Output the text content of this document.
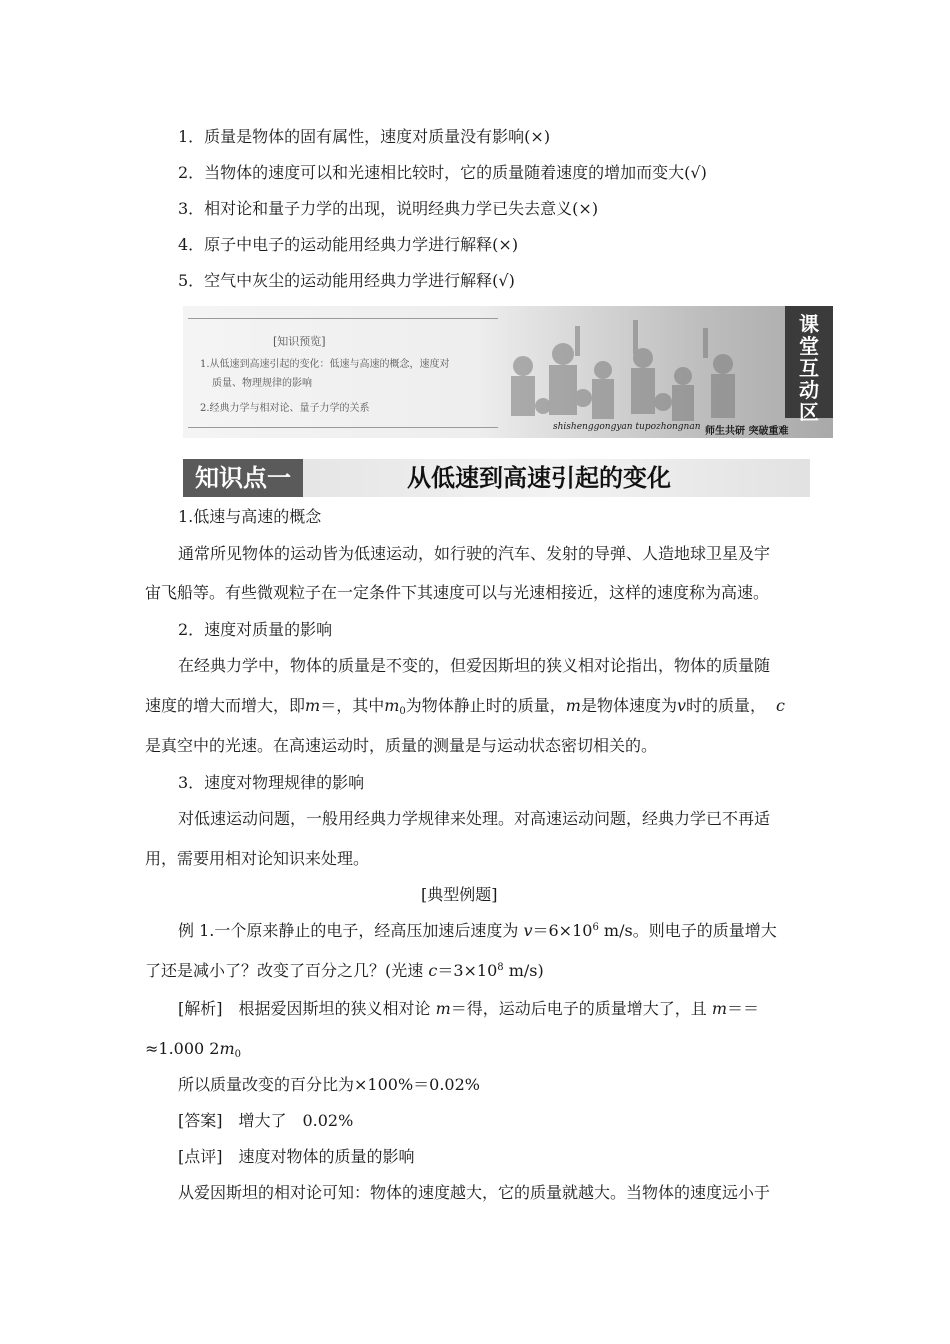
1．质量是物体的固有属性，速度对质量没有影响(×)
2．当物体的速度可以和光速相比较时，它的质量随着速度的增加而变大(√)
3．相对论和量子力学的出现，说明经典力学已失去意义(×)
4．原子中电子的运动能用经典力学进行解释(×)
5．空气中灰尘的运动能用经典力学进行解释(√)
[知识预览]
1.从低速到高速引起的变化：低速与高速的概念，速度对
质量、物理规律的影响
2.经典力学与相对论、量子力学的关系
课
堂
互
动
区
shishenggongyan tupozhongnan 师生共研 突破重难
知识点一	从低速到高速引起的变化
1.低速与高速的概念
通常所见物体的运动皆为低速运动，如行驶的汽车、发射的导弹、人造地球卫星及宇
宙飞船等。有些微观粒子在一定条件下其速度可以与光速相接近，这样的速度称为高速。
2．速度对质量的影响
在经典力学中，物体的质量是不变的，但爱因斯坦的狭义相对论指出，物体的质量随
速度的增大而增大，即m＝，其中$m_0$为物体静止时的质量，m是物体速度为v时的质量， c
是真空中的光速。在高速运动时，质量的测量是与运动状态密切相关的。
3．速度对物理规律的影响
对低速运动问题，一般用经典力学规律来处理。对高速运动问题，经典力学已不再适
用，需要用相对论知识来处理。
[典型例题]
例 1.一个原来静止的电子，经高压加速后速度为 $v=6\times 10^6$ m/s。则电子的质量增大
了还是减小了？改变了百分之几？(光速 $c=3\times 10^8$ m/s)
[解析]　根据爱因斯坦的狭义相对论 m＝得，运动后电子的质量增大了，且 m＝＝
≈1.000 $2m_0$
所以质量改变的百分比为×100%＝0.02%
[答案]　增大了　0.02%
[点评]　速度对物体的质量的影响
从爱因斯坦的相对论可知：物体的速度越大，它的质量就越大。当物体的速度远小于
